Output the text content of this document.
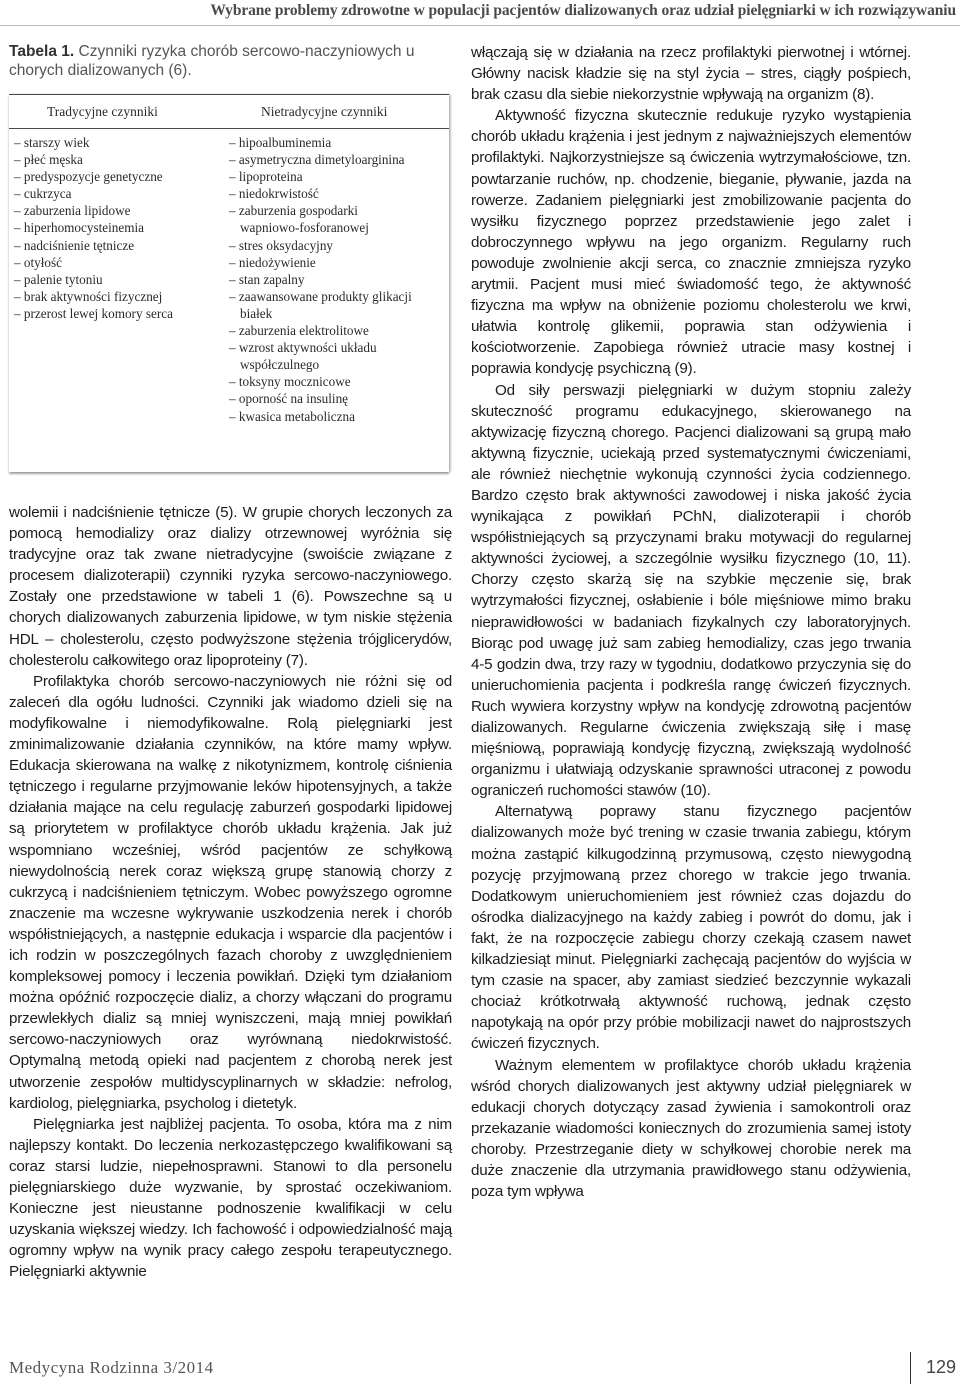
Wybrane problemy zdrowotne w populacji pacjentów dializowanych oraz udział pielęgniarki w ich rozwiązywaniu
Tabela 1. Czynniki ryzyka chorób sercowo-naczyniowych u chorych dializowanych (6).
Tradycyjne czynniki	Nietradycyjne czynniki
– starszy wiek
– płeć męska
– predyspozycje genetyczne
– cukrzyca
– zaburzenia lipidowe
– hiperhomocysteinemia
– nadciśnienie tętnicze
– otyłość
– palenie tytoniu
– brak aktywności fizycznej
– przerost lewej komory serca
– hipoalbuminemia
– asymetryczna dimetyloarginina
– lipoproteina
– niedokrwistość
– zaburzenia gospodarki
wapniowo-fosforanowej
– stres oksydacyjny
– niedożywienie
– stan zapalny
– zaawansowane produkty glikacji
białek
– zaburzenia elektrolitowe
– wzrost aktywności układu
współczulnego
– toksyny mocznicowe
– oporność na insulinę
– kwasica metaboliczna

wolemii i nadciśnienie tętnicze (5). W grupie chorych leczonych za pomocą hemodializy oraz dializy otrzewnowej wyróżnia się tradycyjne oraz tak zwane nietradycyjne (swoiście związane z procesem dializoterapii) czynniki ryzyka sercowo-naczyniowego. Zostały one przedstawione w tabeli 1 (6). Powszechne są u chorych dializowanych zaburzenia lipidowe, w tym niskie stężenia HDL – cholesterolu, często podwyższone stężenia trójglicerydów, cholesterolu całkowitego oraz lipoproteiny (7).

Profilaktyka chorób sercowo-naczyniowych nie różni się od zaleceń dla ogółu ludności. Czynniki jak wiadomo dzieli się na modyfikowalne i niemodyfikowalne. Rolą pielęgniarki jest zminimalizowanie działania czynników, na które mamy wpływ. Edukacja skierowana na walkę z nikotynizmem, kontrolę ciśnienia tętniczego i regularne przyjmowanie leków hipotensyjnych, a także działania mające na celu regulację zaburzeń gospodarki lipidowej są priorytetem w profilaktyce chorób układu krążenia. Jak już wspomniano wcześniej, wśród pacjentów ze schyłkową niewydolnością nerek coraz większą grupę stanowią chorzy z cukrzycą i nadciśnieniem tętniczym. Wobec powyższego ogromne znaczenie ma wczesne wykrywanie uszkodzenia nerek i chorób współistniejących, a następnie edukacja i wsparcie dla pacjentów i ich rodzin w poszczególnych fazach choroby z uwzględnieniem kompleksowej pomocy i leczenia powikłań. Dzięki tym działaniom można opóźnić rozpoczęcie dializ, a chorzy włączani do programu przewlekłych dializ są mniej wyniszczeni, mają mniej powikłań sercowo-naczyniowych oraz wyrównaną niedokrwistość. Optymalną metodą opieki nad pacjentem z chorobą nerek jest utworzenie zespołów multidyscyplinarnych w składzie: nefrolog, kardiolog, pielęgniarka, psycholog i dietetyk.

Pielęgniarka jest najbliżej pacjenta. To osoba, która ma z nim najlepszy kontakt. Do leczenia nerkozastępczego kwalifikowani są coraz starsi ludzie, niepełnosprawni. Stanowi to dla personelu pielęgniarskiego duże wyzwanie, by sprostać oczekiwaniom. Konieczne jest nieustanne podnoszenie kwalifikacji w celu uzyskania większej wiedzy. Ich fachowość i odpowiedzialność mają ogromny wpływ na wynik pracy całego zespołu terapeutycznego. Pielęgniarki aktywnie

włączają się w działania na rzecz profilaktyki pierwotnej i wtórnej. Główny nacisk kładzie się na styl życia – stres, ciągły pośpiech, brak czasu dla siebie niekorzystnie wpływają na organizm (8).

Aktywność fizyczna skutecznie redukuje ryzyko wystąpienia chorób układu krążenia i jest jednym z najważniejszych elementów profilaktyki. Najkorzystniejsze są ćwiczenia wytrzymałościowe, tzn. powtarzanie ruchów, np. chodzenie, bieganie, pływanie, jazda na rowerze. Zadaniem pielęgniarki jest zmobilizowanie pacjenta do wysiłku fizycznego poprzez przedstawienie jego zalet i dobroczynnego wpływu na jego organizm. Regularny ruch powoduje zwolnienie akcji serca, co znacznie zmniejsza ryzyko arytmii. Pacjent musi mieć świadomość tego, że aktywność fizyczna ma wpływ na obniżenie poziomu cholesterolu we krwi, ułatwia kontrolę glikemii, poprawia stan odżywienia i kościotworzenie. Zapobiega również utracie masy kostnej i poprawia kondycję psychiczną (9).

Od siły perswazji pielęgniarki w dużym stopniu zależy skuteczność programu edukacyjnego, skierowanego na aktywizację fizyczną chorego. Pacjenci dializowani są grupą mało aktywną fizycznie, uciekają przed systematycznymi ćwiczeniami, ale również niechętnie wykonują czynności życia codziennego. Bardzo często brak aktywności zawodowej i niska jakość życia wynikająca z powikłań PChN, dializoterapii i chorób współistniejących są przyczynami braku motywacji do regularnej aktywności życiowej, a szczególnie wysiłku fizycznego (10, 11). Chorzy często skarżą się na szybkie męczenie się, brak wytrzymałości fizycznej, osłabienie i bóle mięśniowe mimo braku nieprawidłowości w badaniach fizykalnych czy laboratoryjnych. Biorąc pod uwagę już sam zabieg hemodializy, czas jego trwania 4-5 godzin dwa, trzy razy w tygodniu, dodatkowo przyczynia się do unieruchomienia pacjenta i podkreśla rangę ćwiczeń fizycznych. Ruch wywiera korzystny wpływ na kondycję zdrowotną pacjentów dializowanych. Regularne ćwiczenia zwiększają siłę i masę mięśniową, poprawiają kondycję fizyczną, zwiększają wydolność organizmu i ułatwiają odzyskanie sprawności utraconej z powodu ograniczeń ruchomości stawów (10).

Alternatywą poprawy stanu fizycznego pacjentów dializowanych może być trening w czasie trwania zabiegu, którym można zastąpić kilkugodzinną przymusową, często niewygodną pozycję przyjmowaną przez chorego w trakcie jego trwania. Dodatkowym unieruchomieniem jest również czas dojazdu do ośrodka dializacyjnego na każdy zabieg i powrót do domu, jak i fakt, że na rozpoczęcie zabiegu chorzy czekają czasem nawet kilkadziesiąt minut. Pielęgniarki zachęcają pacjentów do wyjścia w tym czasie na spacer, aby zamiast siedzieć bezczynnie wykazali chociaż krótkotrwałą aktywność ruchową, jednak często napotykają na opór przy próbie mobilizacji nawet do najprostszych ćwiczeń fizycznych.

Ważnym elementem w profilaktyce chorób układu krążenia wśród chorych dializowanych jest aktywny udział pielęgniarek w edukacji chorych dotyczący zasad żywienia i samokontroli oraz przekazanie wiadomości koniecznych do zrozumienia samej istoty choroby. Przestrzeganie diety w schyłkowej chorobie nerek ma duże znaczenie dla utrzymania prawidłowego stanu odżywienia, poza tym wpływa

Medycyna Rodzinna 3/2014	129
